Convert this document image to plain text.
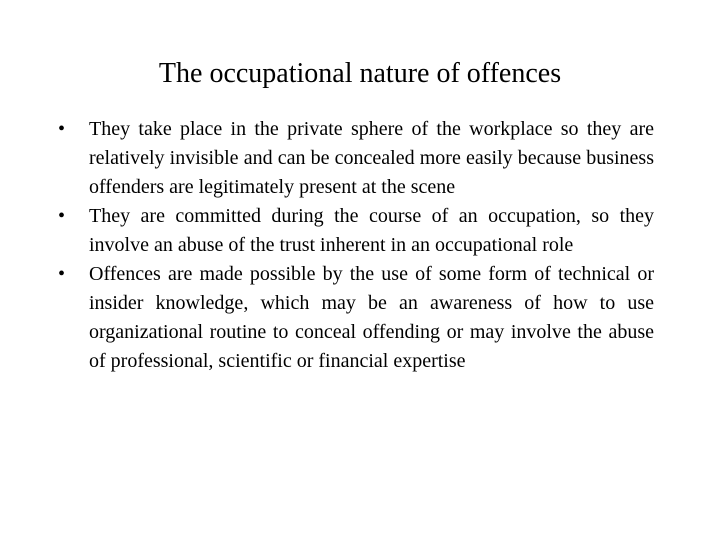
The occupational nature of offences
•	They take place in the private sphere of the workplace so they are relatively invisible and can be concealed more easily because business offenders are legitimately present at the scene
•	They are committed during the course of an occupation, so they involve an abuse of the trust inherent in an occupational role
•	Offences are made possible by the use of some form of technical or insider knowledge, which may be an awareness of how to use organizational routine to conceal offending or may involve the abuse of professional, scientific or financial expertise
